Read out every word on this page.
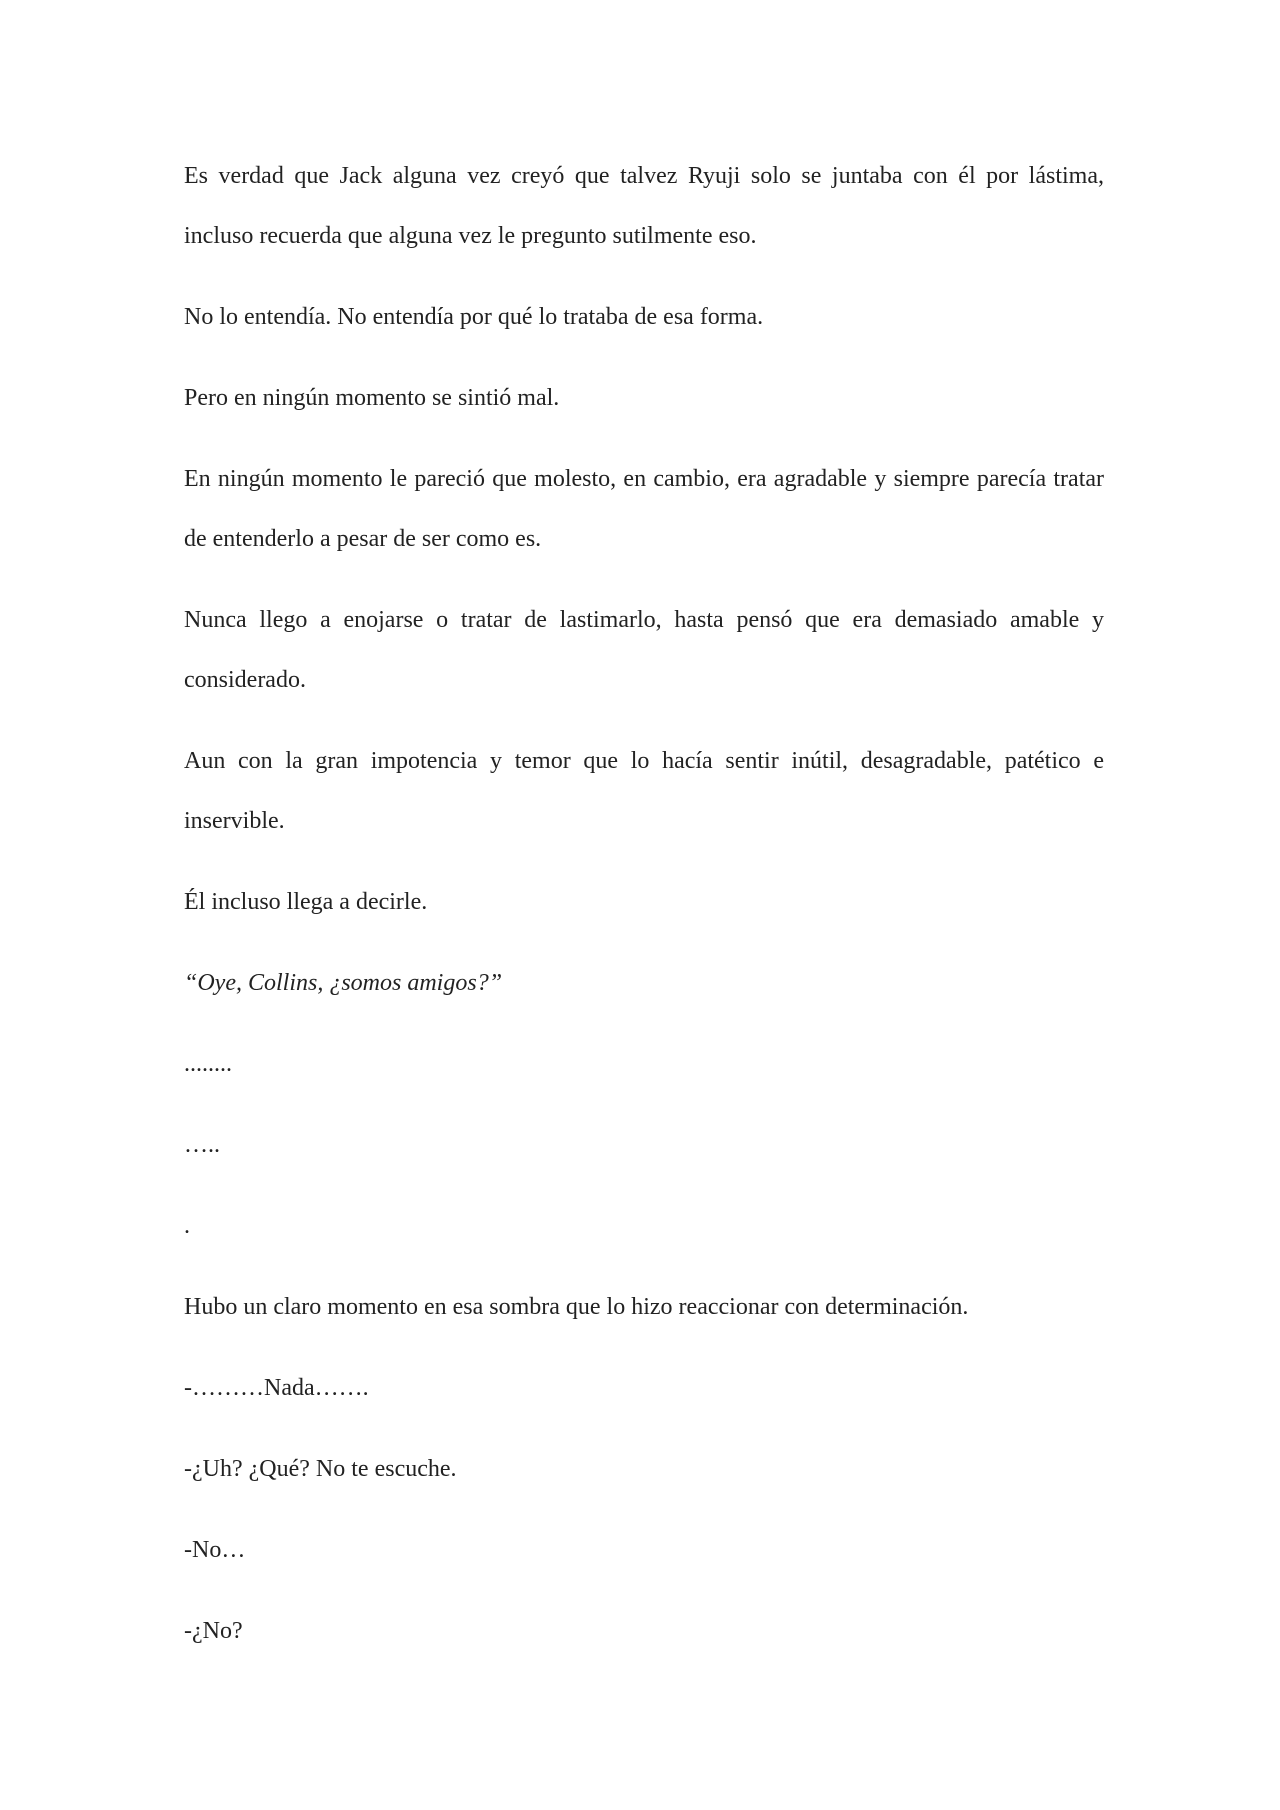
Es verdad que Jack alguna vez creyó que talvez Ryuji solo se juntaba con él por lástima, incluso recuerda que alguna vez le pregunto sutilmente eso.

No lo entendía. No entendía por qué lo trataba de esa forma.

Pero en ningún momento se sintió mal.

En ningún momento le pareció que molesto, en cambio, era agradable y siempre parecía tratar de entenderlo a pesar de ser como es.

Nunca llego a enojarse o tratar de lastimarlo, hasta pensó que era demasiado amable y considerado.

Aun con la gran impotencia y temor que lo hacía sentir inútil, desagradable, patético e inservible.

Él incluso llega a decirle.

“Oye, Collins, ¿somos amigos?”

........

…..

.

Hubo un claro momento en esa sombra que lo hizo reaccionar con determinación.

-………Nada…….

-¿Uh? ¿Qué? No te escuche.

-No…

-¿No?
